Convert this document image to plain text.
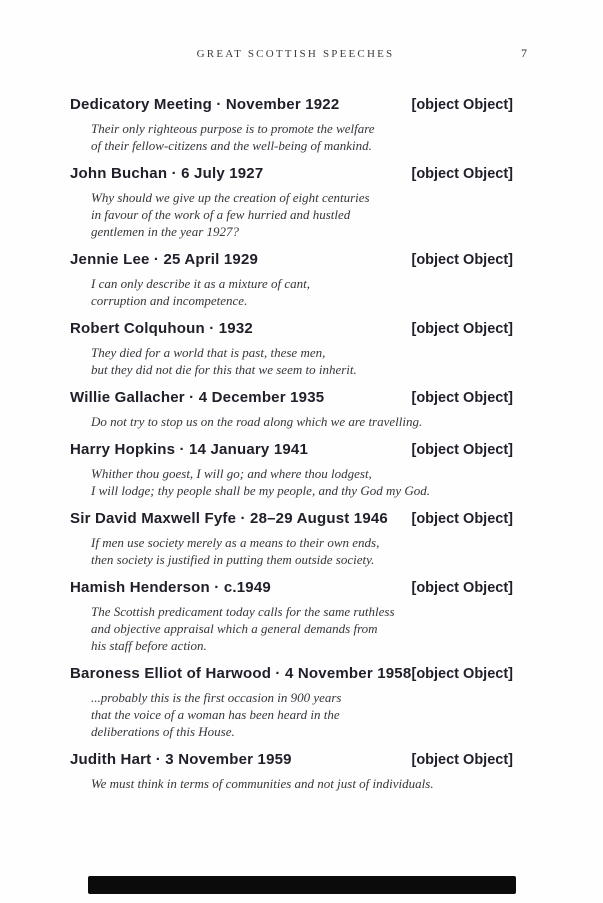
GREAT SCOTTISH SPEECHES	7
Dedicatory Meeting · November 1922	[object Object]
Their only righteous purpose is to promote the welfare
of their fellow-citizens and the well-being of mankind.
John Buchan · 6 July 1927	[object Object]
Why should we give up the creation of eight centuries
in favour of the work of a few hurried and hustled
gentlemen in the year 1927?
Jennie Lee · 25 April 1929	[object Object]
I can only describe it as a mixture of cant,
corruption and incompetence.
Robert Colquhoun · 1932	[object Object]
They died for a world that is past, these men,
but they did not die for this that we seem to inherit.
Willie Gallacher · 4 December 1935	[object Object]
Do not try to stop us on the road along which we are travelling.
Harry Hopkins · 14 January 1941	[object Object]
Whither thou goest, I will go; and where thou lodgest,
I will lodge; thy people shall be my people, and thy God my God.
Sir David Maxwell Fyfe · 28–29 August 1946 [object Object]
If men use society merely as a means to their own ends,
then society is justified in putting them outside society.
Hamish Henderson · c.1949	[object Object]
The Scottish predicament today calls for the same ruthless
and objective appraisal which a general demands from
his staff before action.
Baroness Elliot of Harwood · 4 November 1958 [object Object]
...probably this is the first occasion in 900 years
that the voice of a woman has been heard in the
deliberations of this House.
Judith Hart · 3 November 1959	[object Object]
We must think in terms of communities and not just of individuals.
